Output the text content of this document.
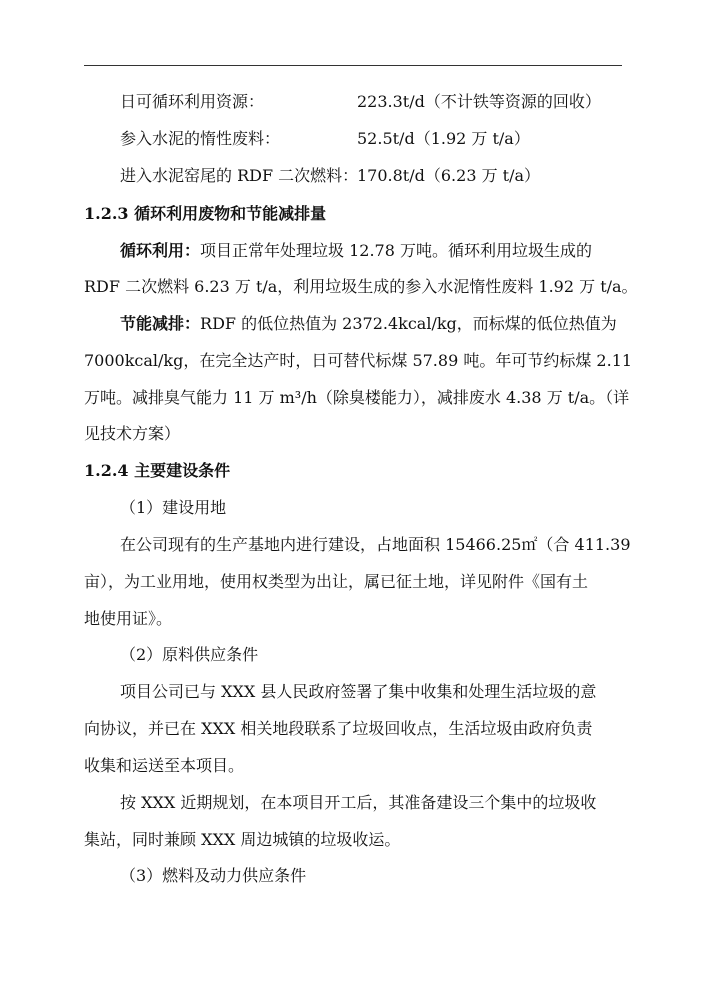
日可循环利用资源：	223.3t/d（不计铁等资源的回收）
参入水泥的惰性废料：	52.5t/d（1.92 万 t/a）
进入水泥窑尾的 RDF 二次燃料：
170.8t/d（6.23 万 t/a）
1.2.3 循环利用废物和节能减排量
循环利用：项目正常年处理垃圾 12.78 万吨。循环利用垃圾生成的
RDF 二次燃料 6.23 万 t/a，利用垃圾生成的参入水泥惰性废料 1.92 万 t/a。
节能减排：RDF 的低位热值为 2372.4kcal/kg，而标煤的低位热值为
7000kcal/kg，在完全达产时，日可替代标煤 57.89 吨。年可节约标煤 2.11
万吨。减排臭气能力 11 万 m³/h（除臭楼能力），减排废水 4.38 万 t/a。（详
见技术方案）
1.2.4 主要建设条件
（1）建设用地
在公司现有的生产基地内进行建设，占地面积 15466.25㎡（合 411.39
亩），为工业用地，使用权类型为出让，属已征土地，详见附件《国有土
地使用证》。
（2）原料供应条件
项目公司已与 XXX 县人民政府签署了集中收集和处理生活垃圾的意
向协议，并已在 XXX 相关地段联系了垃圾回收点，生活垃圾由政府负责
收集和运送至本项目。
按 XXX 近期规划，在本项目开工后，其准备建设三个集中的垃圾收
集站，同时兼顾 XXX 周边城镇的垃圾收运。
（3）燃料及动力供应条件
